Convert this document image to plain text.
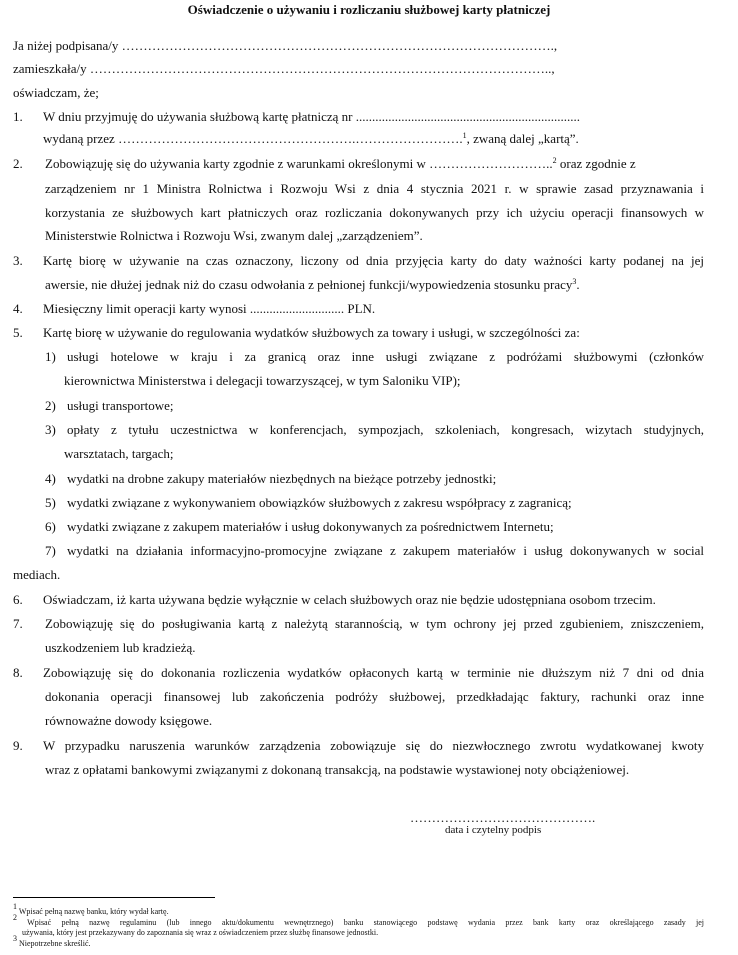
Oświadczenie o używaniu i rozliczaniu służbowej karty płatniczej
Ja niżej podpisana/y ……………………………………………………………………………………….,
zamieszkała/y ……………………………………………………………………………………………..,
oświadczam, że;
1. W dniu przyjmuję do używania służbową kartę płatniczą nr .....................................................................
wydaną przez ……………………………………………….…………………….$^1$, zwaną dalej „kartą”.
2. Zobowiązuję się do używania karty zgodnie z warunkami określonymi w ………………………..$^2$ oraz zgodnie z
zarządzeniem nr 1 Ministra Rolnictwa i Rozwoju Wsi z dnia 4 stycznia 2021 r. w sprawie zasad przyznawania i
korzystania ze służbowych kart płatniczych oraz rozliczania dokonywanych przy ich użyciu operacji finansowych w
Ministerstwie Rolnictwa i Rozwoju Wsi, zwanym dalej „zarządzeniem”.
3. Kartę biorę w używanie na czas oznaczony, liczony od dnia przyjęcia karty do daty ważności karty podanej na jej
awersie, nie dłużej jednak niż do czasu odwołania z pełnionej funkcji/wypowiedzenia stosunku pracy$^3$.
4. Miesięczny limit operacji karty wynosi ............................. PLN.
5. Kartę biorę w używanie do regulowania wydatków służbowych za towary i usługi, w szczególności za:
1) usługi hotelowe w kraju i za granicą oraz inne usługi związane z podróżami służbowymi (członków
kierownictwa Ministerstwa i delegacji towarzyszącej, w tym Saloniku VIP);
2) usługi transportowe;
3) opłaty z tytułu uczestnictwa w konferencjach, sympozjach, szkoleniach, kongresach, wizytach studyjnych,
warsztatach, targach;
4) wydatki na drobne zakupy materiałów niezbędnych na bieżące potrzeby jednostki;
5) wydatki związane z wykonywaniem obowiązków służbowych z zakresu współpracy z zagranicą;
6) wydatki związane z zakupem materiałów i usług dokonywanych za pośrednictwem Internetu;
7) wydatki na działania informacyjno-promocyjne związane z zakupem materiałów i usług dokonywanych w social
mediach.
6. Oświadczam, iż karta używana będzie wyłącznie w celach służbowych oraz nie będzie udostępniana osobom trzecim.
7. Zobowiązuję się do posługiwania kartą z należytą starannością, w tym ochrony jej przed zgubieniem, zniszczeniem,
uszkodzeniem lub kradzieżą.
8. Zobowiązuję się do dokonania rozliczenia wydatków opłaconych kartą w terminie nie dłuższym niż 7 dni od dnia
dokonania operacji finansowej lub zakończenia podróży służbowej, przedkładając faktury, rachunki oraz inne
równoważne dowody księgowe.
9. W przypadku naruszenia warunków zarządzenia zobowiązuje się do niezwłocznego zwrotu wydatkowanej kwoty
wraz z opłatami bankowymi związanymi z dokonaną transakcją, na podstawie wystawionej noty obciążeniowej.
…………………………………….
data i czytelny podpis
$^1$ Wpisać pełną nazwę banku, który wydał kartę.
$^2$ Wpisać pełną nazwę regulaminu (lub innego aktu/dokumentu wewnętrznego) banku stanowiącego podstawę wydania przez bank karty oraz określającego zasady jej
używania, który jest przekazywany do zapoznania się wraz z oświadczeniem przez służbę finansowe jednostki.
$^3$ Niepotrzebne skreślić.
